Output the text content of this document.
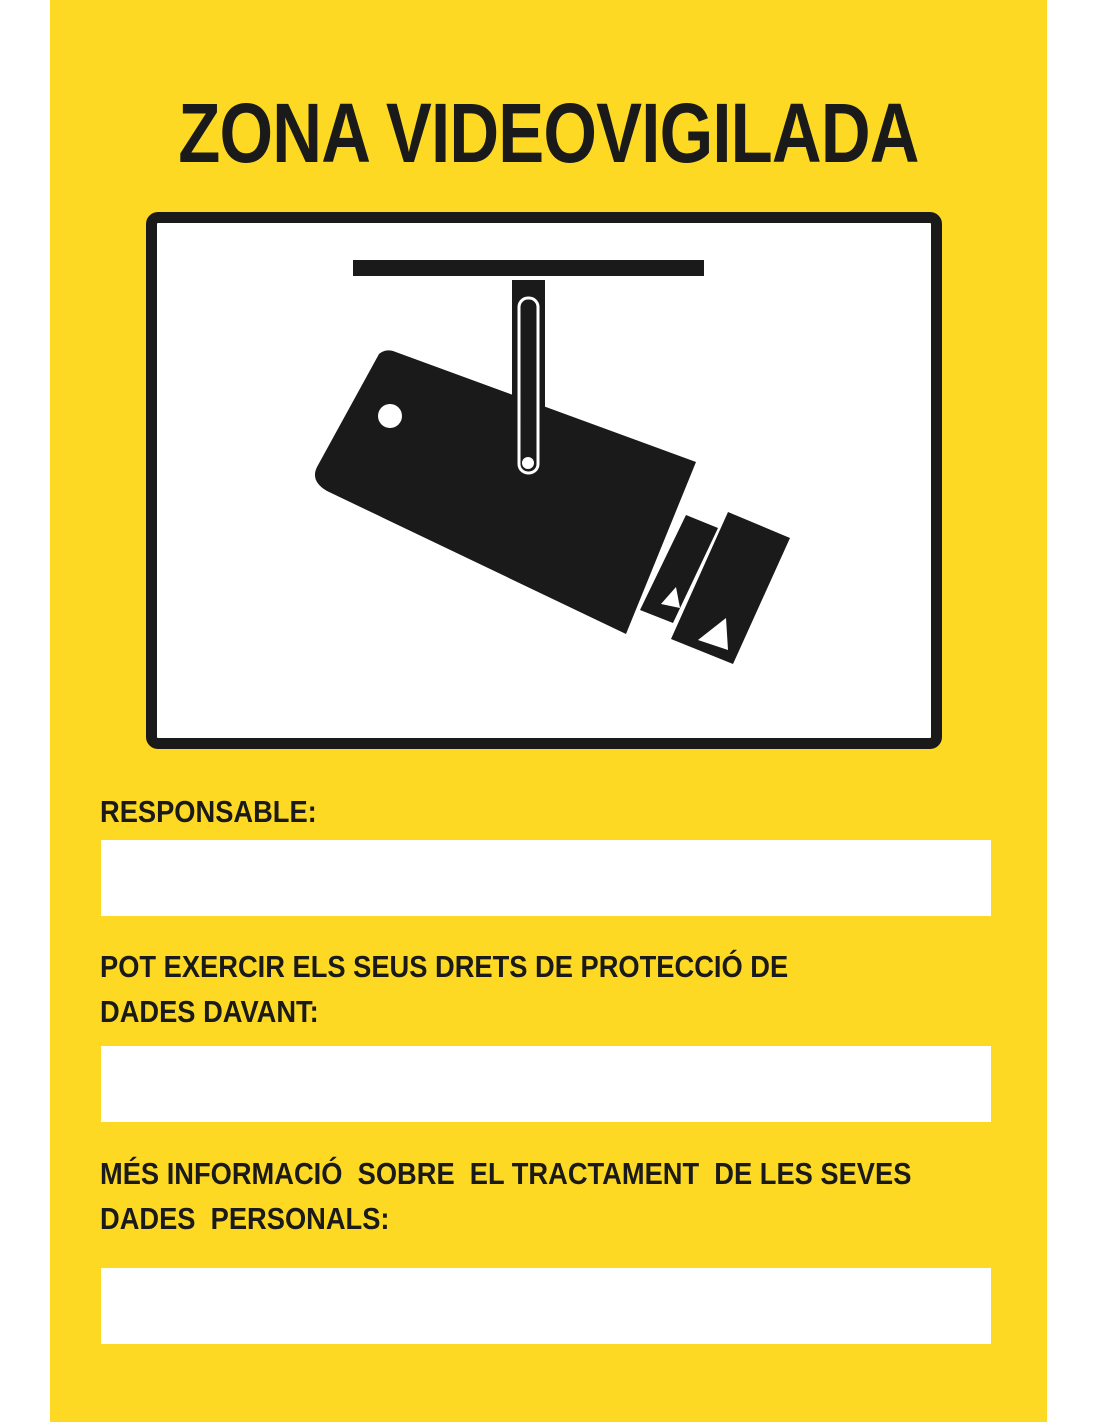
ZONA VIDEOVIGILADA

RESPONSABLE:

POT EXERCIR ELS SEUS DRETS DE PROTECCIÓ DE
DADES DAVANT:

MÉS INFORMACIÓ  SOBRE  EL TRACTAMENT  DE LES SEVES
DADES  PERSONALS:
